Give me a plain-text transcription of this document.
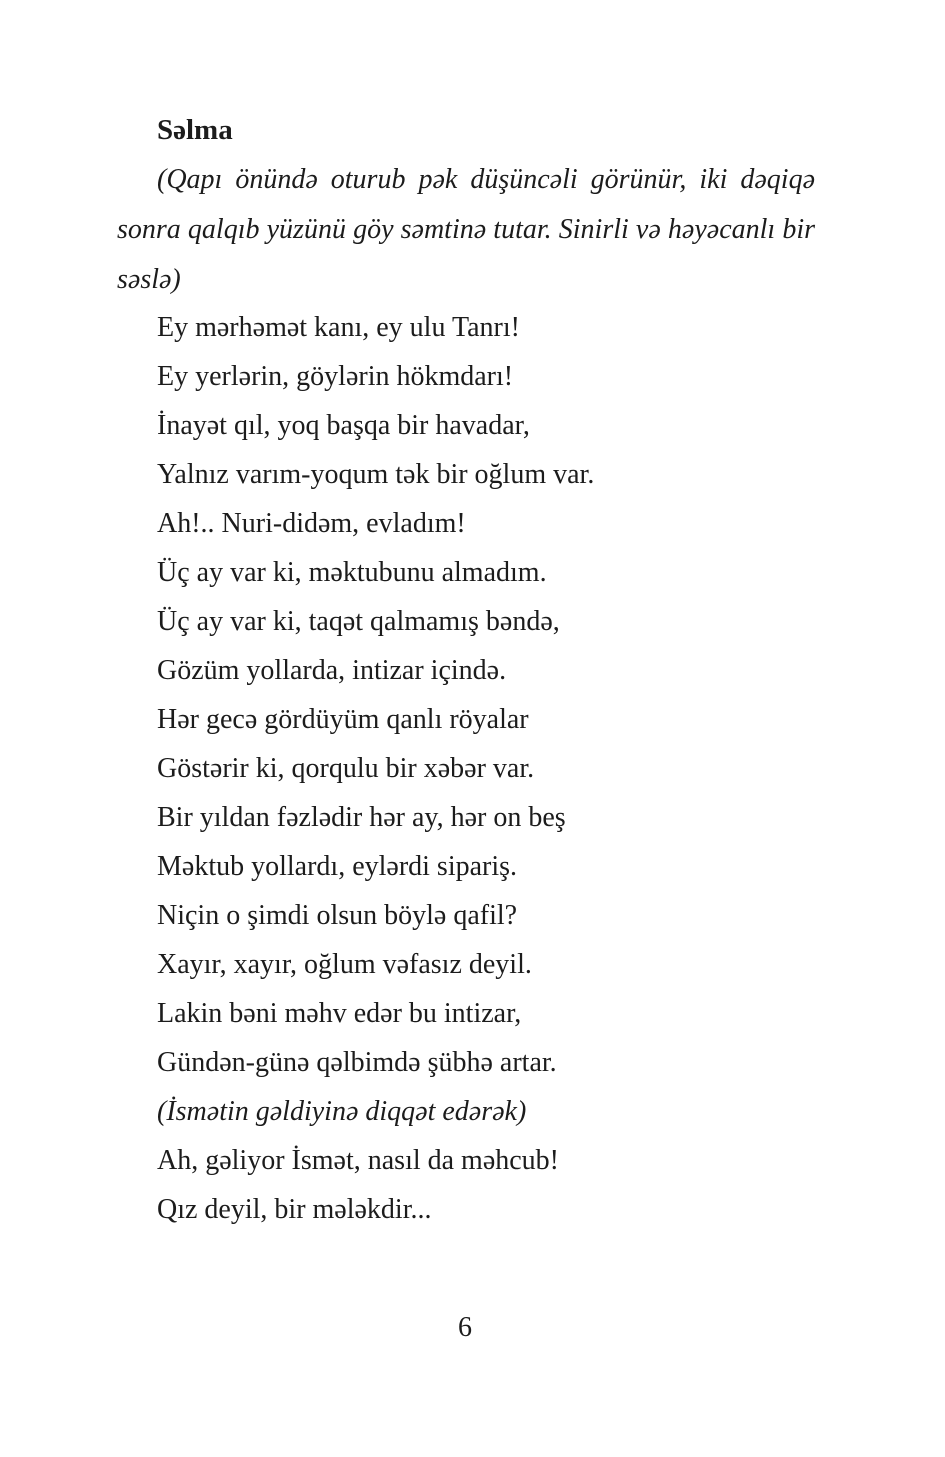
Səlma

(Qapı önündə oturub pək düşüncəli görünür, iki dəqiqə sonra qalqıb yüzünü göy səmtinə tutar. Sinirli və həyəcanlı bir səslə)

Ey mərhəmət kanı, ey ulu Tanrı!
Ey yerlərin, göylərin hökmdarı!
İnayət qıl, yoq başqa bir havadar,
Yalnız varım-yoqum tək bir oğlum var.
Ah!.. Nuri-didəm, evladım!
Üç ay var ki, məktubunu almadım.
Üç ay var ki, taqət qalmamış bəndə,
Gözüm yollarda, intizar içində.
Hər gecə gördüyüm qanlı röyalar
Göstərir ki, qorqulu bir xəbər var.
Bir yıldan fəzlədir hər ay, hər on beş
Məktub yollardı, eylərdi sipariş.
Niçin o şimdi olsun böylə qafil?
Xayır, xayır, oğlum vəfasız deyil.
Lakin bəni məhv edər bu intizar,
Gündən-günə qəlbimdə şübhə artar.
(İsmətin gəldiyinə diqqət edərək)
Ah, gəliyor İsmət, nasıl da məhcub!
Qız deyil, bir mələkdir...

6
